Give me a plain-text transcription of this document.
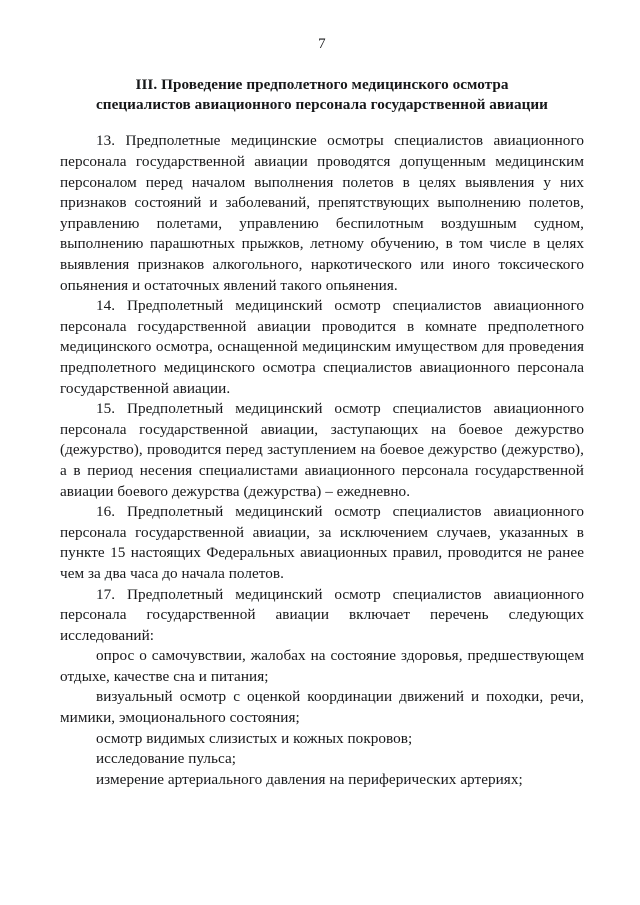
7
III. Проведение предполетного медицинского осмотра
специалистов авиационного персонала государственной авиации

13. Предполетные медицинские осмотры специалистов авиационного персонала государственной авиации проводятся допущенным медицинским персоналом перед началом выполнения полетов в целях выявления у них признаков состояний и заболеваний, препятствующих выполнению полетов, управлению полетами, управлению беспилотным воздушным судном, выполнению парашютных прыжков, летному обучению, в том числе в целях выявления признаков алкогольного, наркотического или иного токсического опьянения и остаточных явлений такого опьянения.

14. Предполетный медицинский осмотр специалистов авиационного персонала государственной авиации проводится в комнате предполетного медицинского осмотра, оснащенной медицинским имуществом для проведения предполетного медицинского осмотра специалистов авиационного персонала государственной авиации.

15. Предполетный медицинский осмотр специалистов авиационного персонала государственной авиации, заступающих на боевое дежурство (дежурство), проводится перед заступлением на боевое дежурство (дежурство), а в период несения специалистами авиационного персонала государственной авиации боевого дежурства (дежурства) – ежедневно.

16. Предполетный медицинский осмотр специалистов авиационного персонала государственной авиации, за исключением случаев, указанных в пункте 15 настоящих Федеральных авиационных правил, проводится не ранее чем за два часа до начала полетов.

17. Предполетный медицинский осмотр специалистов авиационного персонала государственной авиации включает перечень следующих исследований:

опрос о самочувствии, жалобах на состояние здоровья, предшествующем отдыхе, качестве сна и питания;

визуальный осмотр с оценкой координации движений и походки, речи, мимики, эмоционального состояния;

осмотр видимых слизистых и кожных покровов;

исследование пульса;

измерение артериального давления на периферических артериях;
